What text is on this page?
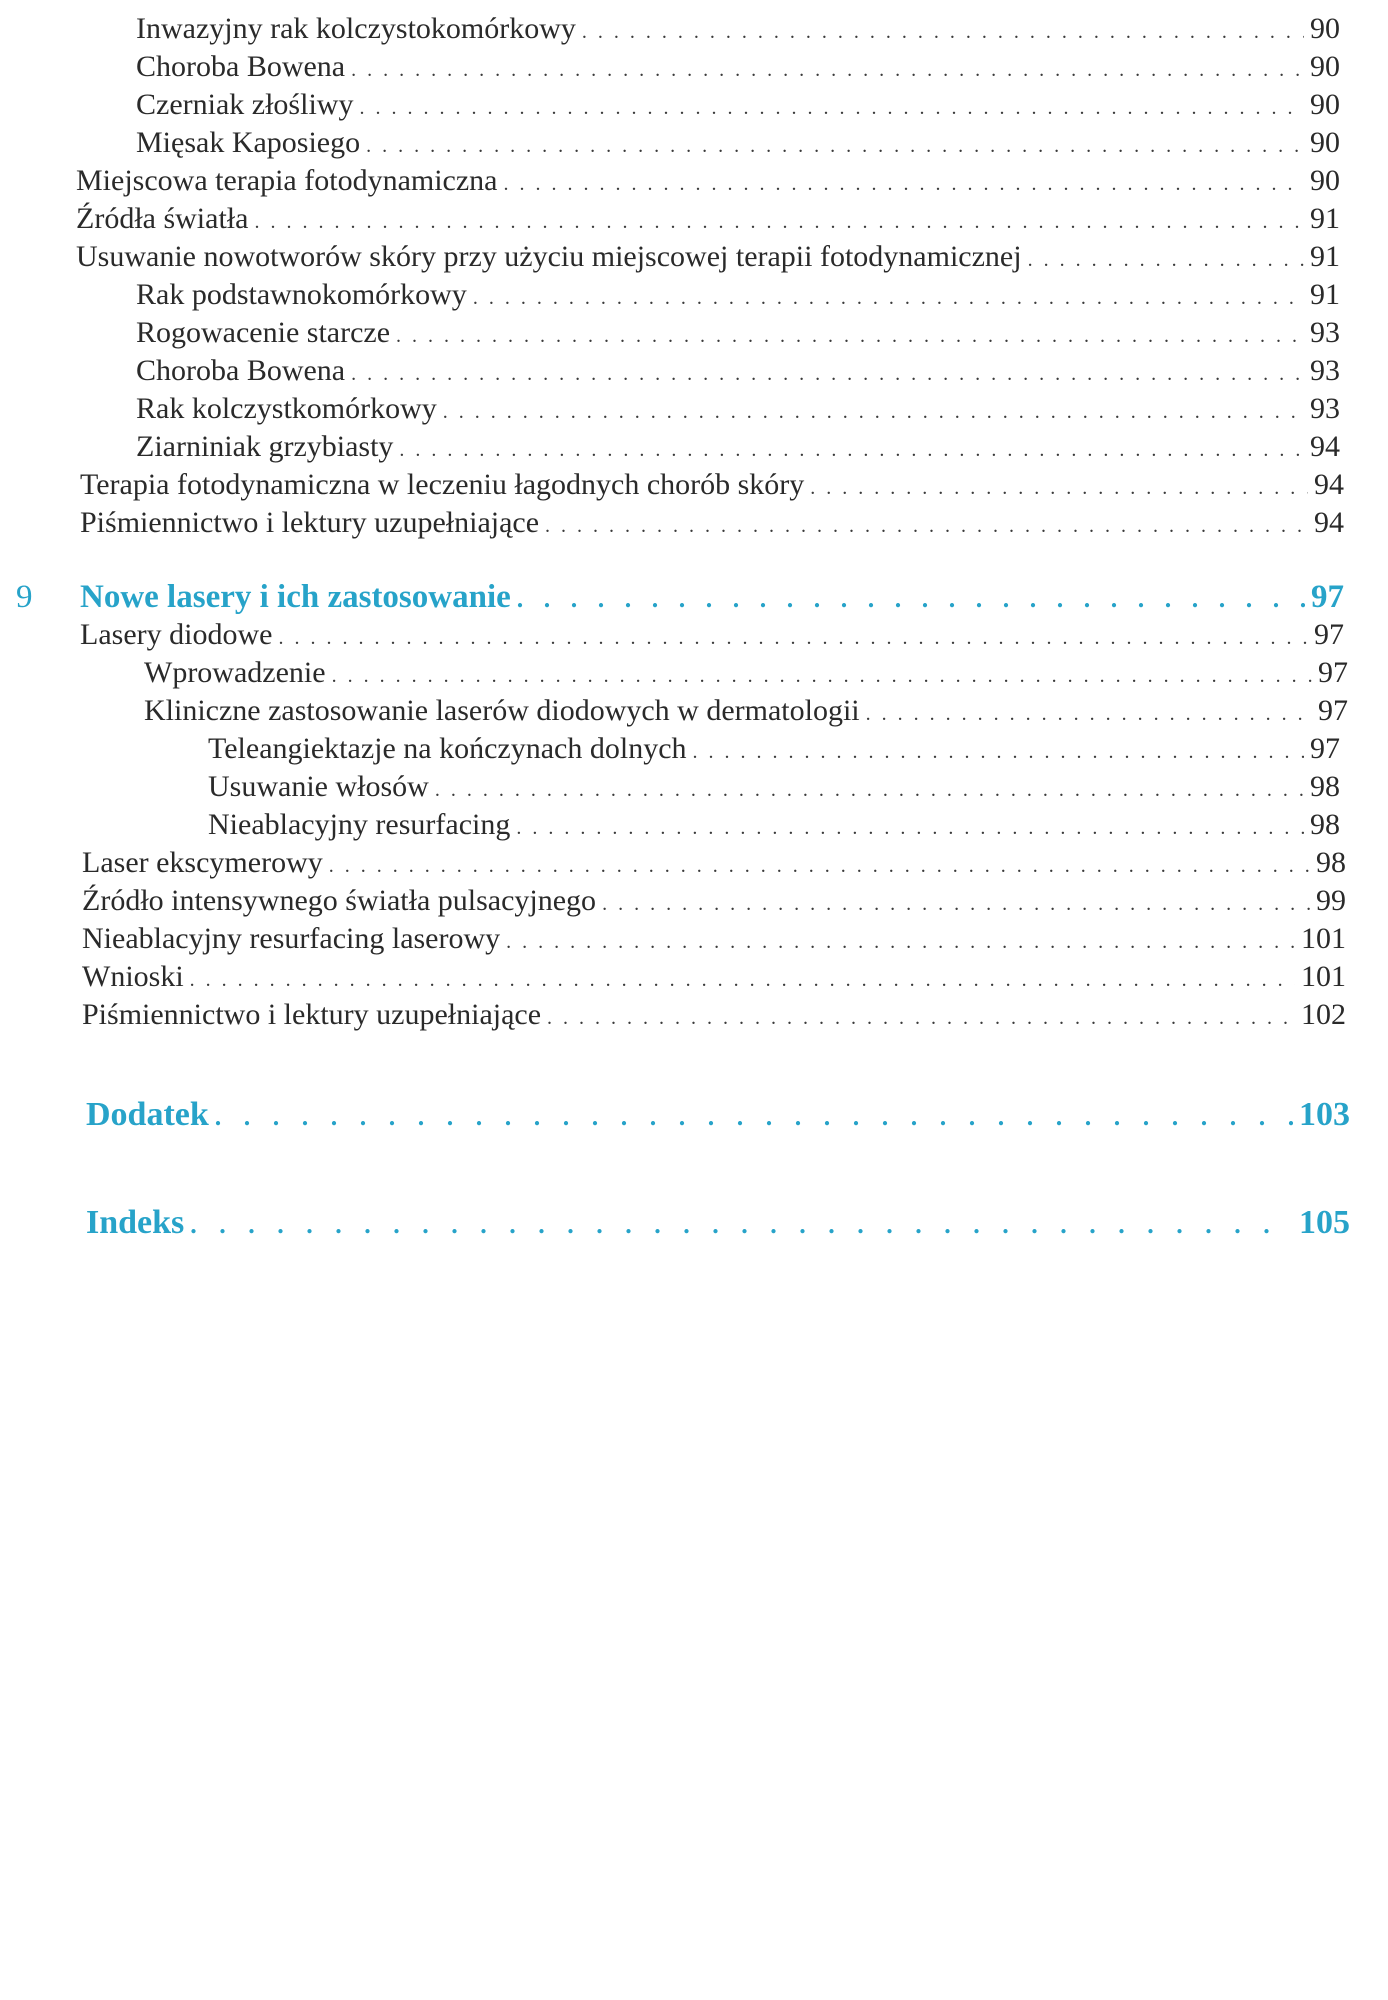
Inwazyjny rak kolczystokomórkowy . . .	90
Choroba Bowena . . .	90
Czerniak złośliwy . . .	90
Mięsak Kaposiego . . .	90
Miejscowa terapia fotodynamiczna . . .	90
Źródła światła . . .	91
Usuwanie nowotworów skóry przy użyciu miejscowej terapii fotodynamicznej . . .	91
Rak podstawnokomórkowy . . .	91
Rogowacenie starcze . . .	93
Choroba Bowena . . .	93
Rak kolczystkomórkowy . . .	93
Ziarniniak grzybiasty . . .	94
Terapia fotodynamiczna w leczeniu łagodnych chorób skóry . . .	94
Piśmiennictwo i lektury uzupełniające . . .	94
9 Nowe lasery i ich zastosowanie . . .	97
Lasery diodowe . . .	97
Wprowadzenie . . .	97
Kliniczne zastosowanie laserów diodowych w dermatologii . . .	97
Teleangiektazje na kończynach dolnych . . .	97
Usuwanie włosów . . .	98
Nieablacyjny resurfacing . . .	98
Laser ekscymerowy . . .	98
Źródło intensywnego światła pulsacyjnego . . .	99
Nieablacyjny resurfacing laserowy . . .	101
Wnioski . . .	101
Piśmiennictwo i lektury uzupełniające . . .	102
Dodatek . . .	103
Indeks . . .	105
